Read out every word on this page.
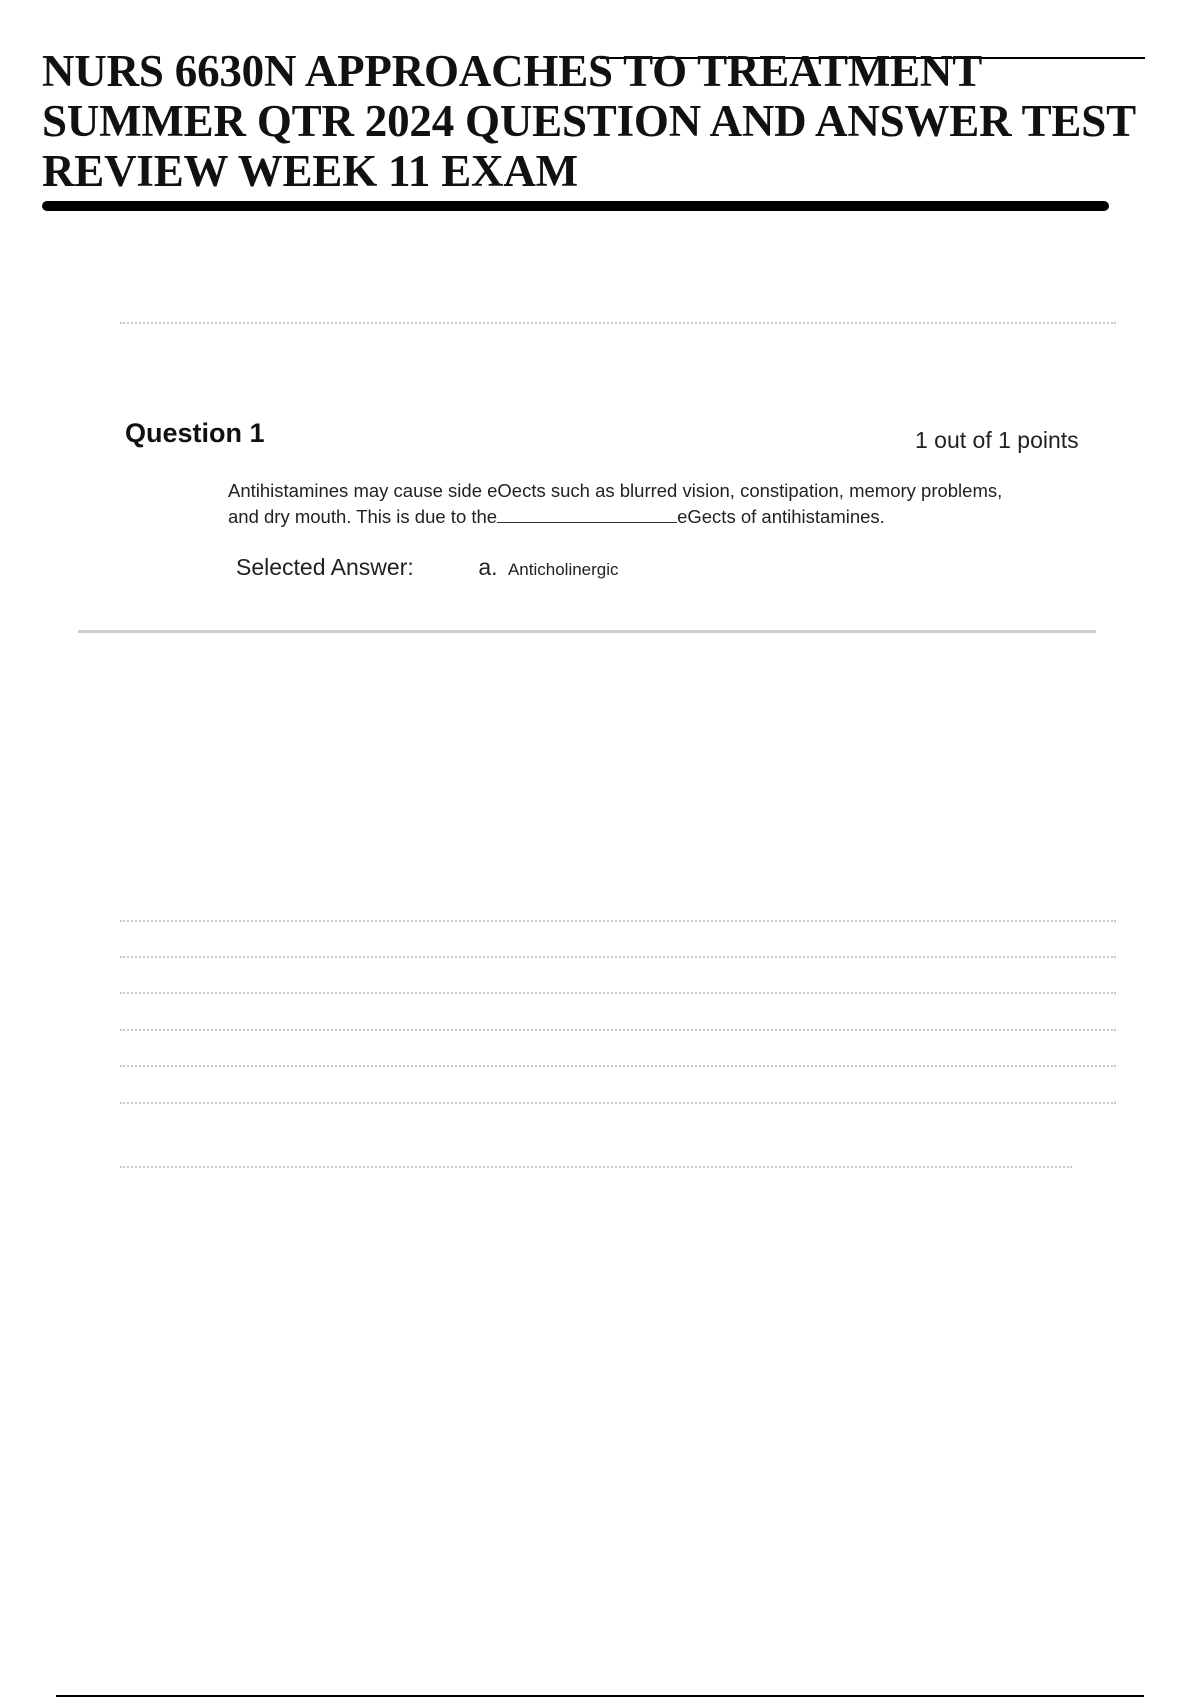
NURS 6630N APPROACHES TO TREATMENT
SUMMER QTR 2024 QUESTION AND ANSWER TEST
REVIEW WEEK 11 EXAM
Question 1	1 out of 1 points
Antihistamines may cause side eOects such as blurred vision, constipation, memory problems,
and dry mouth. This is due to the	eGects of antihistamines.
Selected Answer:	a. Anticholinergic
